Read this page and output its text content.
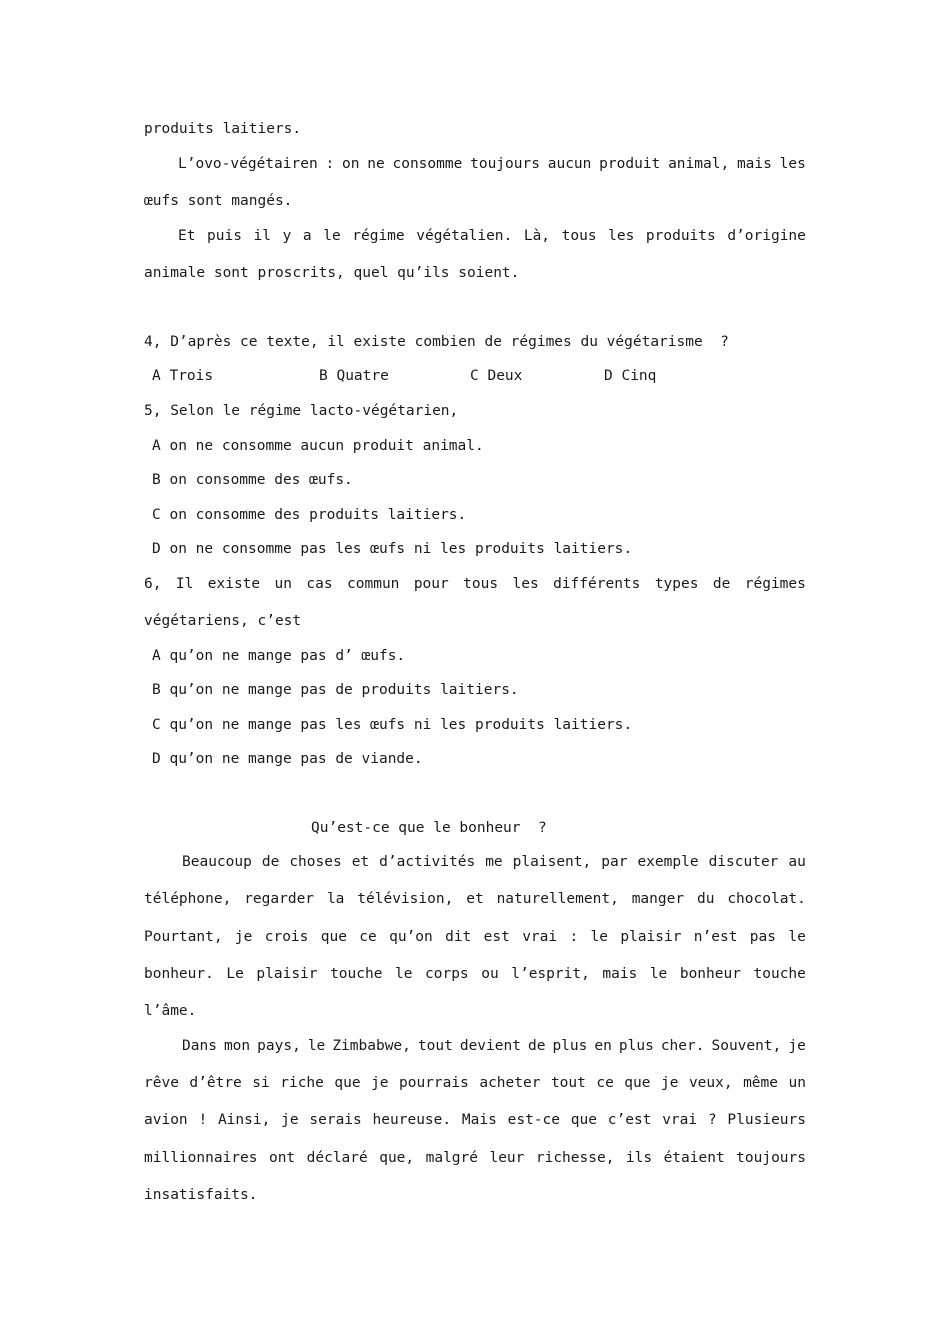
produits laitiers.
L’ovo-végétairen : on ne consomme toujours aucun produit animal, mais les
œufs sont mangés.
Et puis il y a le régime végétalien. Là, tous les produits d’origine
animale sont proscrits, quel qu’ils soient.
4, D’après ce texte, il existe combien de régimes du végétarisme  ?
A Trois	B Quatre	C Deux	D Cinq
5, Selon le régime lacto-végétarien,
A on ne consomme aucun produit animal.
B on consomme des œufs.
C on consomme des produits laitiers.
D on ne consomme pas les œufs ni les produits laitiers.
6, Il existe un cas commun pour tous les différents types de régimes
végétariens, c’est
A qu’on ne mange pas d’ œufs.
B qu’on ne mange pas de produits laitiers.
C qu’on ne mange pas les œufs ni les produits laitiers.
D qu’on ne mange pas de viande.
Qu’est-ce que le bonheur  ?
Beaucoup de choses et d’activités me plaisent, par exemple discuter au
téléphone, regarder la télévision, et naturellement, manger du chocolat.
Pourtant, je crois que ce qu’on dit est vrai : le plaisir n’est pas le
bonheur. Le plaisir touche le corps ou l’esprit, mais le bonheur touche
l’âme.
Dans mon pays, le Zimbabwe, tout devient de plus en plus cher. Souvent, je
rêve d’être si riche que je pourrais acheter tout ce que je veux, même un
avion ! Ainsi, je serais heureuse. Mais est-ce que c’est vrai ? Plusieurs
millionnaires ont déclaré que, malgré leur richesse, ils étaient toujours
insatisfaits.
